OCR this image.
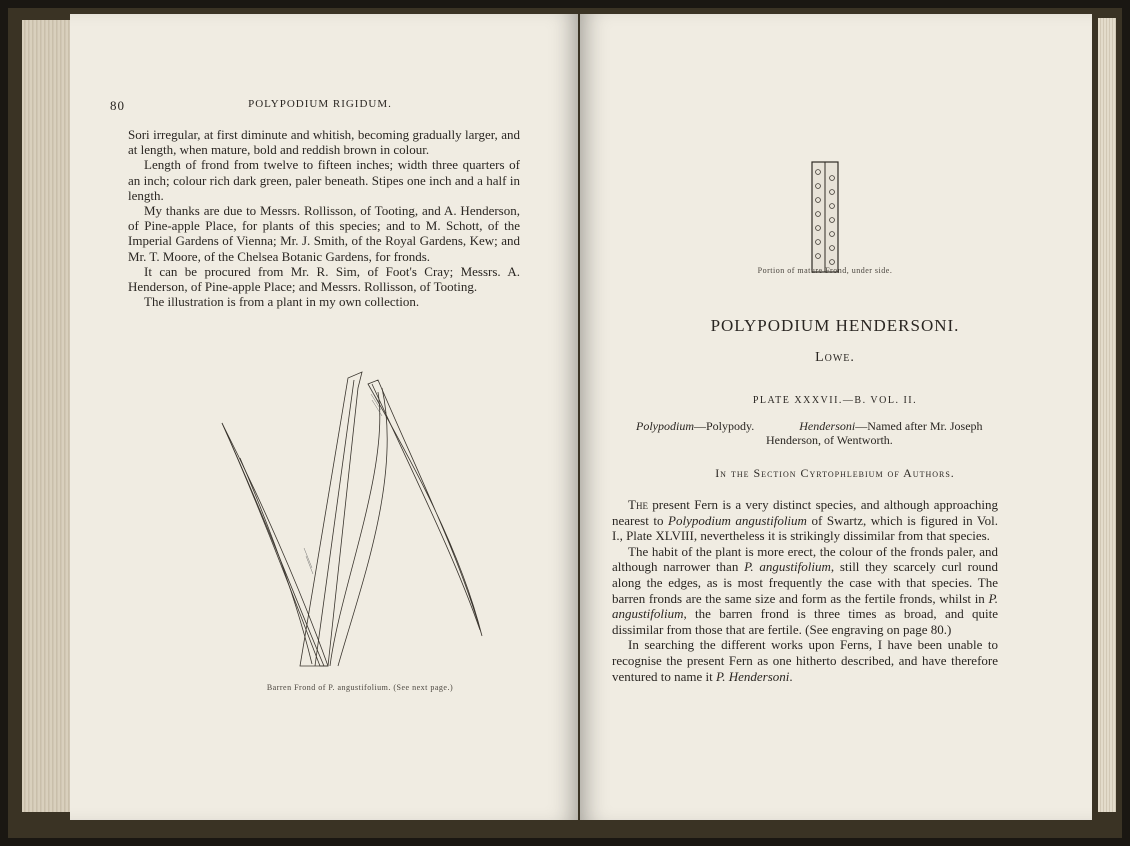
80	POLYPODIUM RIGIDUM.

Sori irregular, at first diminute and whitish, becoming gradually larger, and at length, when mature, bold and reddish brown in colour.

Length of frond from twelve to fifteen inches; width three quarters of an inch; colour rich dark green, paler beneath. Stipes one inch and a half in length.

My thanks are due to Messrs. Rollisson, of Tooting, and A. Henderson, of Pine-apple Place, for plants of this species; and to M. Schott, of the Imperial Gardens of Vienna; Mr. J. Smith, of the Royal Gardens, Kew; and Mr. T. Moore, of the Chelsea Botanic Gardens, for fronds.

It can be procured from Mr. R. Sim, of Foot's Cray; Messrs. A. Henderson, of Pine-apple Place; and Messrs. Rollisson, of Tooting.

The illustration is from a plant in my own collection.

Barren Frond of P. angustifolium. (See next page.)
Portion of mature Frond, under side.
POLYPODIUM HENDERSONI.
Lowe.
PLATE XXXVII.—B. VOL. II.
Polypodium—Polypody.	Hendersoni—Named after Mr. Joseph
Henderson, of Wentworth.
In the Section Cyrtophlebium of Authors.

The present Fern is a very distinct species, and although approaching nearest to Polypodium angustifolium of Swartz, which is figured in Vol. I., Plate XLVIII, nevertheless it is strikingly dissimilar from that species.

The habit of the plant is more erect, the colour of the fronds paler, and although narrower than P. angustifolium, still they scarcely curl round along the edges, as is most frequently the case with that species. The barren fronds are the same size and form as the fertile fronds, whilst in P. angustifolium, the barren frond is three times as broad, and quite dissimilar from those that are fertile. (See engraving on page 80.)

In searching the different works upon Ferns, I have been unable to recognise the present Fern as one hitherto described, and have therefore ventured to name it P. Hendersoni.
